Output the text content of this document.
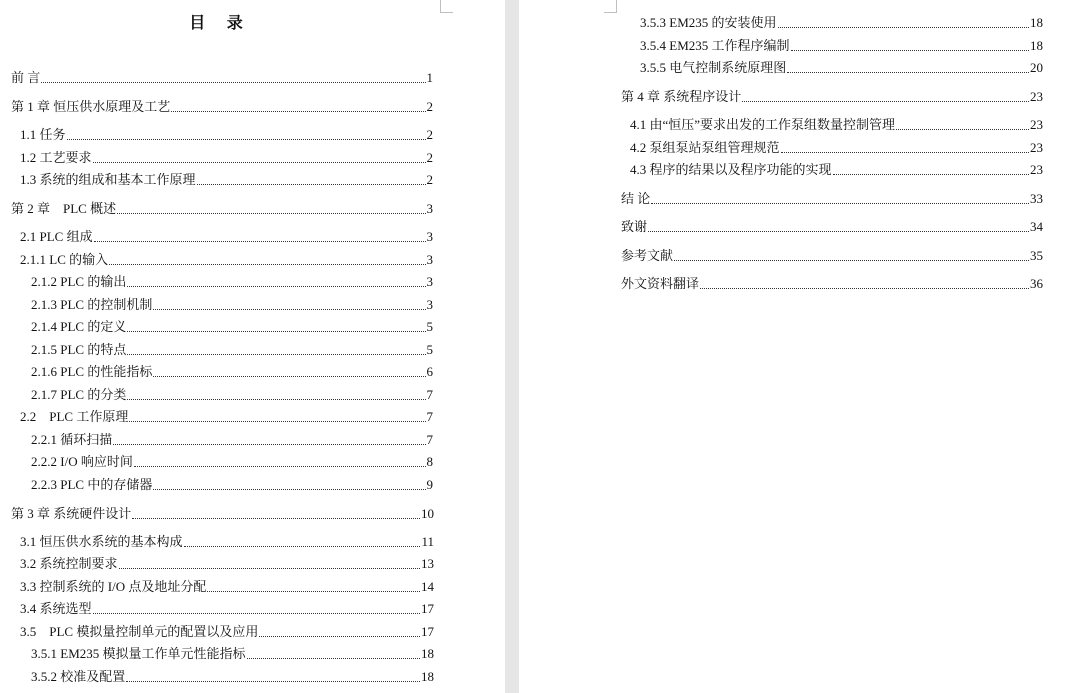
目 录
前 言	1
第 1 章 恒压供水原理及工艺	2
1.1 任务	2
1.2 工艺要求	2
1.3 系统的组成和基本工作原理	2
第 2 章　PLC 概述	3
2.1 PLC 组成	3
2.1.1 LC 的输入	3
2.1.2 PLC 的输出	3
2.1.3 PLC 的控制机制	3
2.1.4 PLC 的定义	5
2.1.5 PLC 的特点	5
2.1.6 PLC 的性能指标	6
2.1.7 PLC 的分类	7
2.2　PLC 工作原理	7
2.2.1 循环扫描	7
2.2.2 I/O 响应时间	8
2.2.3 PLC 中的存储器	9
第 3 章 系统硬件设计	10
3.1 恒压供水系统的基本构成	11
3.2 系统控制要求	13
3.3 控制系统的 I/O 点及地址分配	14
3.4 系统选型	17
3.5　PLC 模拟量控制单元的配置以及应用	17
3.5.1 EM235 模拟量工作单元性能指标	18
3.5.2 校准及配置	18
3.5.3 EM235 的安装使用	18
3.5.4 EM235 工作程序编制	18
3.5.5 电气控制系统原理图	20
第 4 章 系统程序设计	23
4.1 由“恒压”要求出发的工作泵组数量控制管理	23
4.2 泵组泵站泵组管理规范	23
4.3 程序的结果以及程序功能的实现	23
结 论	33
致谢	34
参考文献	35
外文资料翻译	36
